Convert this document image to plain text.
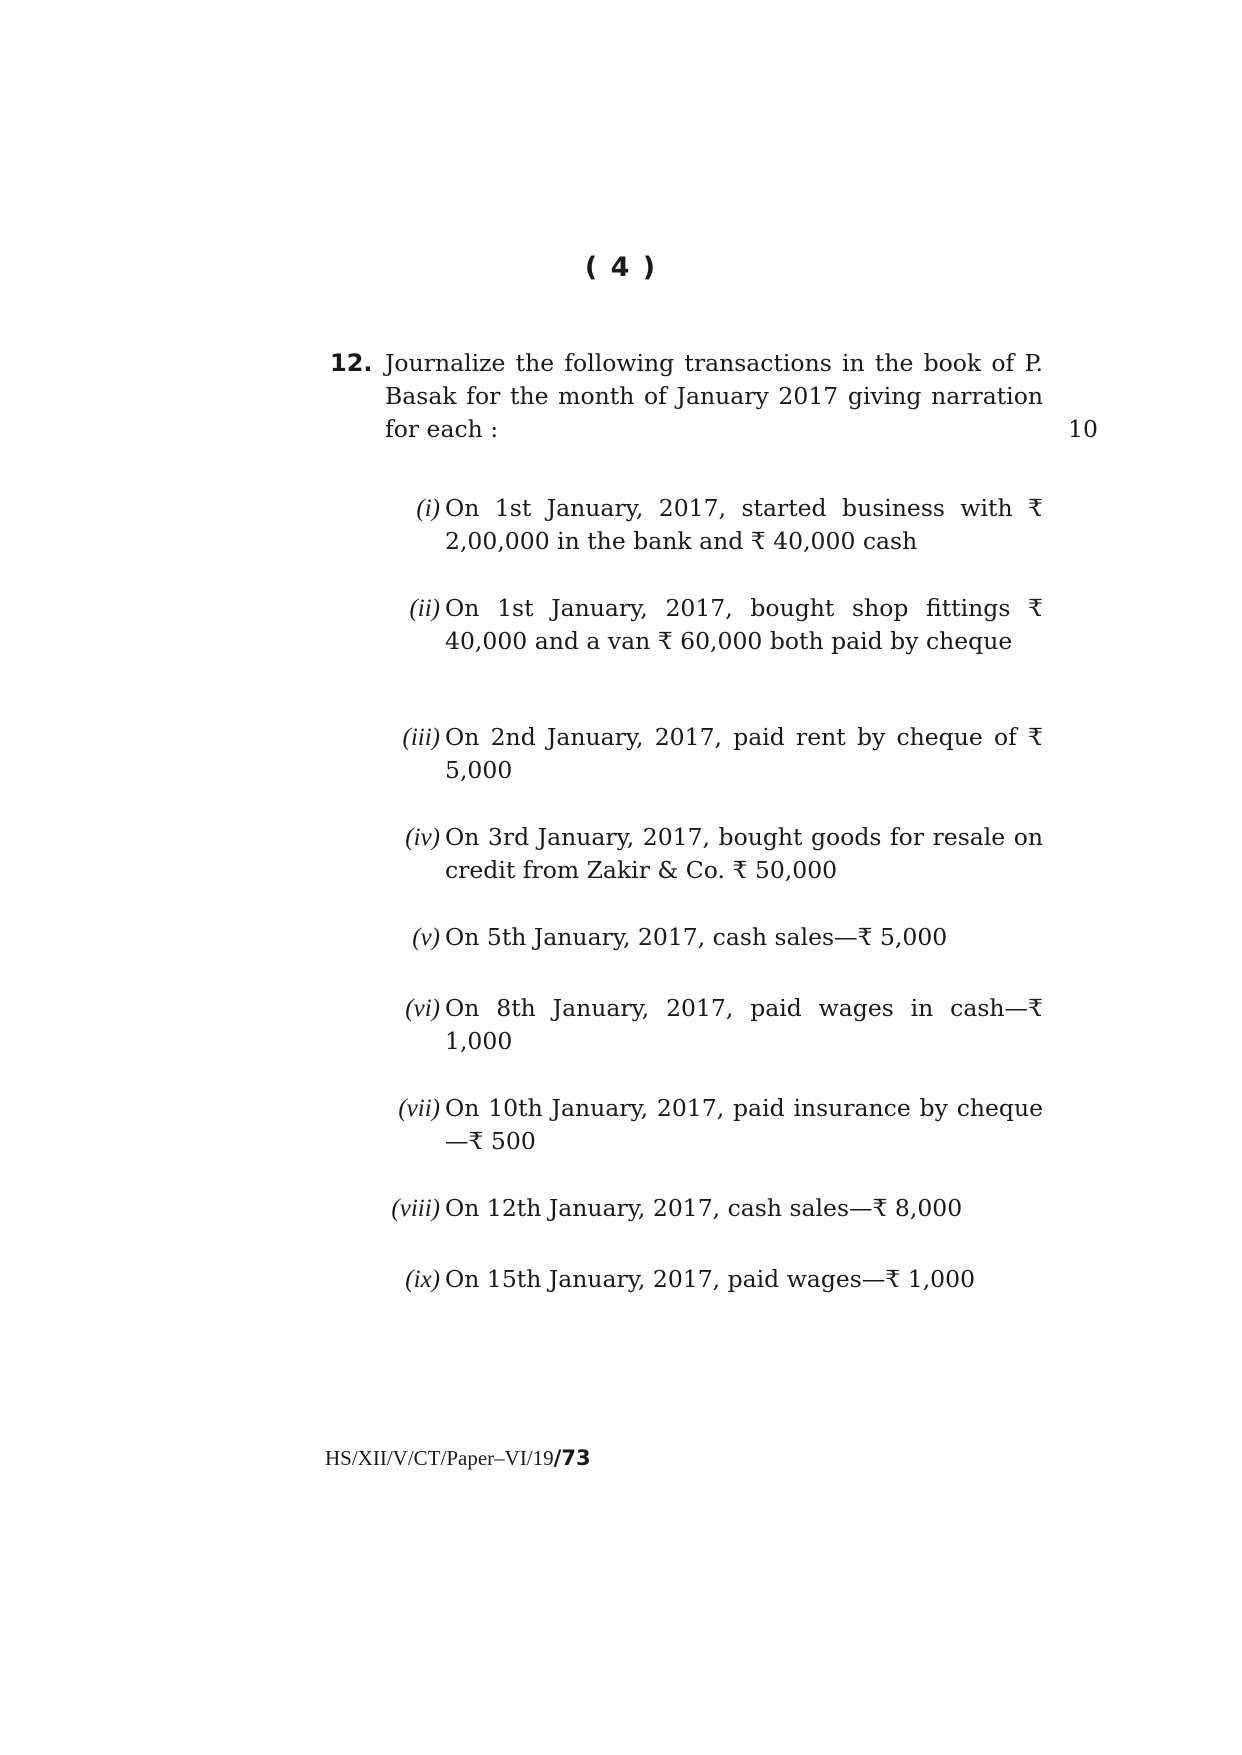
( 4 )
12. Journalize the following transactions in the book of P. Basak for the month of January 2017 giving narration for each :	10
(i) On 1st January, 2017, started business with ₹ 2,00,000 in the bank and ₹ 40,000 cash
(ii) On 1st January, 2017, bought shop fittings ₹ 40,000 and a van ₹ 60,000 both paid by cheque
(iii) On 2nd January, 2017, paid rent by cheque of ₹ 5,000
(iv) On 3rd January, 2017, bought goods for resale on credit from Zakir & Co. ₹ 50,000
(v) On 5th January, 2017, cash sales—₹ 5,000
(vi) On 8th January, 2017, paid wages in cash—₹ 1,000
(vii) On 10th January, 2017, paid insurance by cheque—₹ 500
(viii) On 12th January, 2017, cash sales—₹ 8,000
(ix) On 15th January, 2017, paid wages—₹ 1,000
HS/XII/V/CT/Paper–VI/19/73
